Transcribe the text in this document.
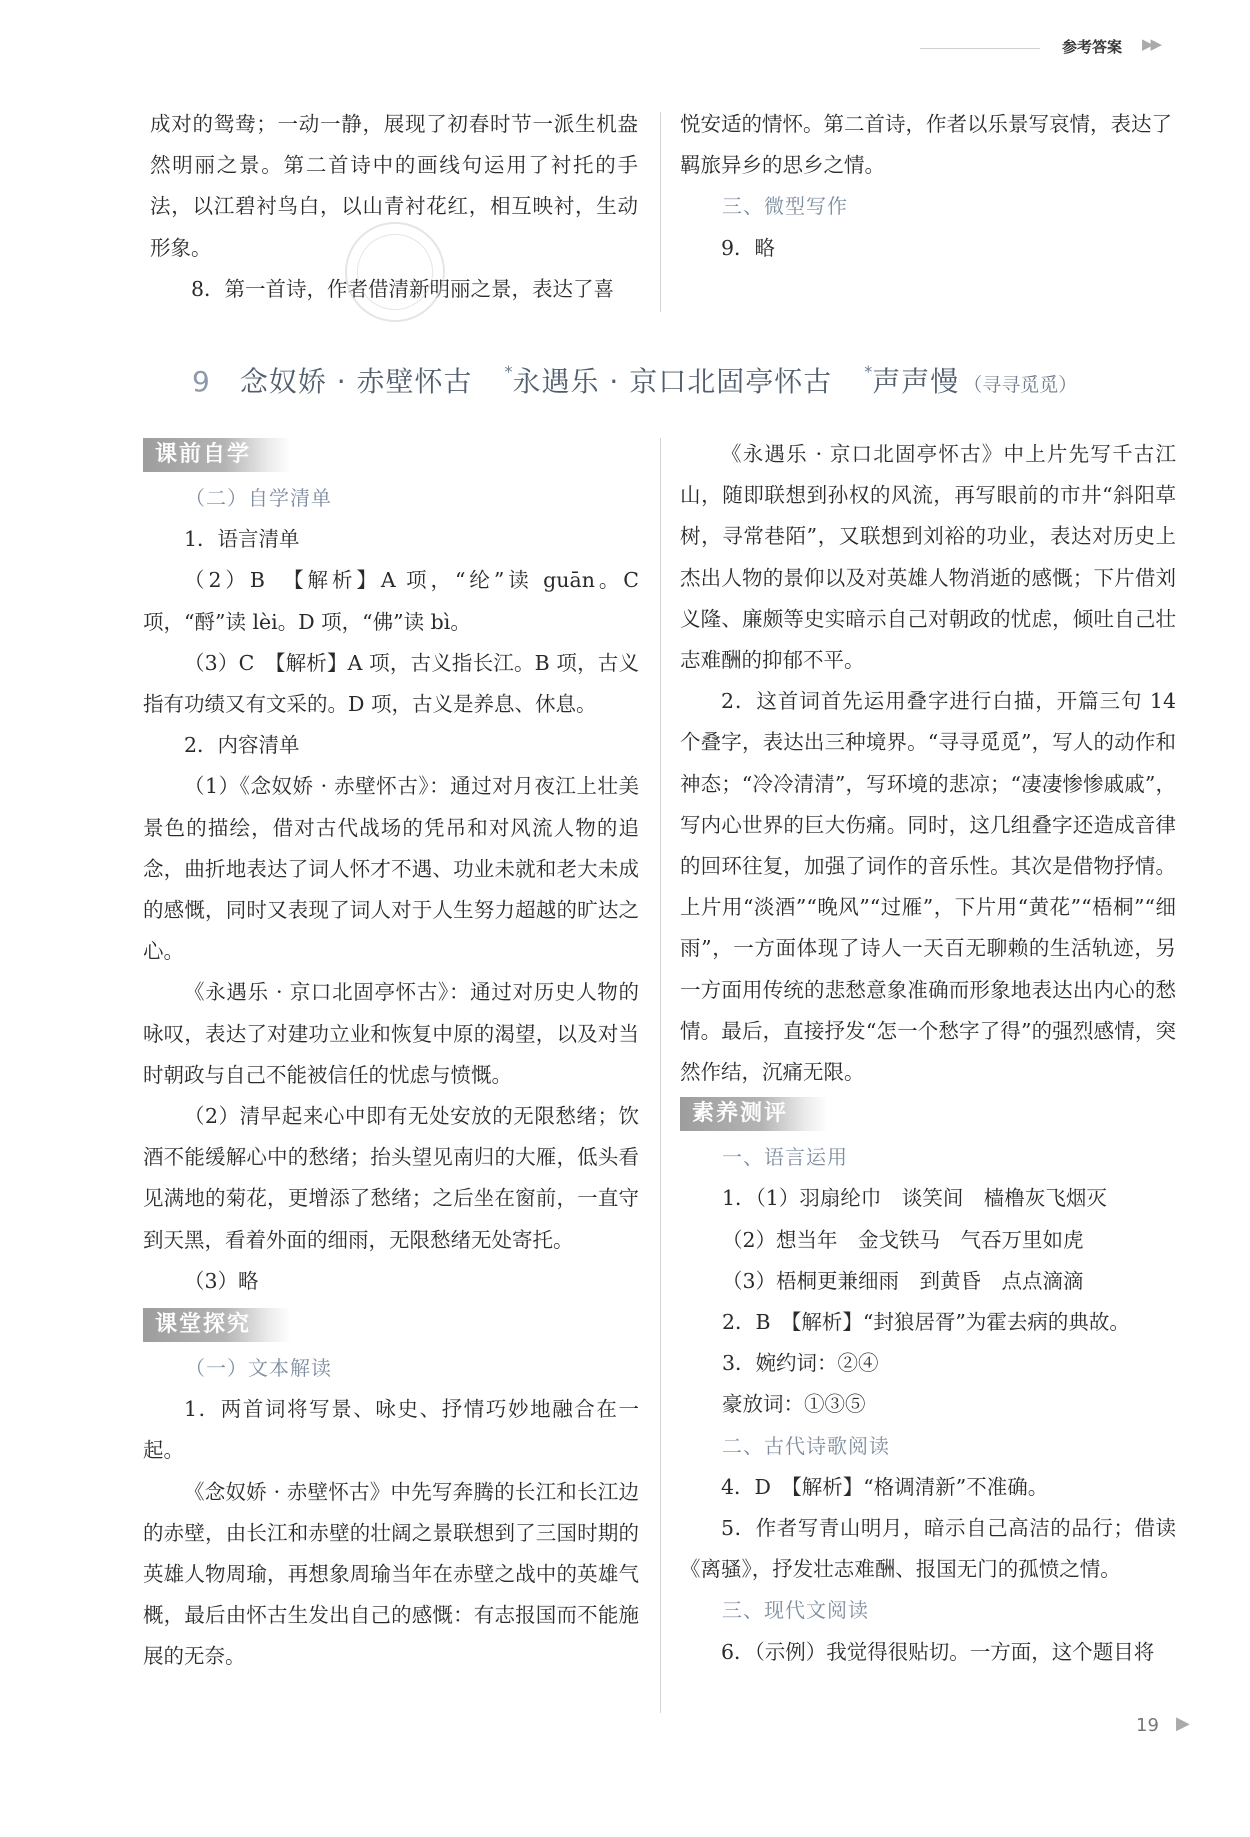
参考答案 ▶▶

成对的鸳鸯；一动一静，展现了初春时节一派生机盎然明丽之景。第二首诗中的画线句运用了衬托的手法，以江碧衬鸟白，以山青衬花红，相互映衬，生动形象。

8．第一首诗，作者借清新明丽之景，表达了喜

悦安适的情怀。第二首诗，作者以乐景写哀情，表达了羁旅异乡的思乡之情。

三、微型写作

9．略

9 念奴娇 · 赤壁怀古 *永遇乐 · 京口北固亭怀古 *声声慢 （寻寻觅觅）
课前自学

（二）自学清单

1．语言清单

（2）B　【解析】A 项，“纶”读 guān。C 项，“酹”读 lèi。D 项，“佛”读 bì。

（3）C　【解析】A 项，古义指长江。B 项，古义指有功绩又有文采的。D 项，古义是养息、休息。

2．内容清单

（1）《念奴娇 · 赤壁怀古》：通过对月夜江上壮美景色的描绘，借对古代战场的凭吊和对风流人物的追念，曲折地表达了词人怀才不遇、功业未就和老大未成的感慨，同时又表现了词人对于人生努力超越的旷达之心。

《永遇乐 · 京口北固亭怀古》：通过对历史人物的咏叹，表达了对建功立业和恢复中原的渴望，以及对当时朝政与自己不能被信任的忧虑与愤慨。

（2）清早起来心中即有无处安放的无限愁绪；饮酒不能缓解心中的愁绪；抬头望见南归的大雁，低头看见满地的菊花，更增添了愁绪；之后坐在窗前，一直守到天黑，看着外面的细雨，无限愁绪无处寄托。

（3）略

课堂探究

（一）文本解读

1．两首词将写景、咏史、抒情巧妙地融合在一起。

《念奴娇 · 赤壁怀古》中先写奔腾的长江和长江边的赤壁，由长江和赤壁的壮阔之景联想到了三国时期的英雄人物周瑜，再想象周瑜当年在赤壁之战中的英雄气概，最后由怀古生发出自己的感慨：有志报国而不能施展的无奈。

《永遇乐 · 京口北固亭怀古》中上片先写千古江山，随即联想到孙权的风流，再写眼前的市井“斜阳草树，寻常巷陌”，又联想到刘裕的功业，表达对历史上杰出人物的景仰以及对英雄人物消逝的感慨；下片借刘义隆、廉颇等史实暗示自己对朝政的忧虑，倾吐自己壮志难酬的抑郁不平。

2．这首词首先运用叠字进行白描，开篇三句 14 个叠字，表达出三种境界。“寻寻觅觅”，写人的动作和神态；“冷冷清清”，写环境的悲凉；“凄凄惨惨戚戚”，写内心世界的巨大伤痛。同时，这几组叠字还造成音律的回环往复，加强了词作的音乐性。其次是借物抒情。上片用“淡酒”“晚风”“过雁”，下片用“黄花”“梧桐”“细雨”，一方面体现了诗人一天百无聊赖的生活轨迹，另一方面用传统的悲愁意象准确而形象地表达出内心的愁情。最后，直接抒发“怎一个愁字了得”的强烈感情，突然作结，沉痛无限。

素养测评

一、语言运用

1．（1）羽扇纶巾　谈笑间　樯橹灰飞烟灭

（2）想当年　金戈铁马　气吞万里如虎

（3）梧桐更兼细雨　到黄昏　点点滴滴

2．B　【解析】“封狼居胥”为霍去病的典故。

3．婉约词：②④

豪放词：①③⑤

二、古代诗歌阅读

4．D　【解析】“格调清新”不准确。

5．作者写青山明月，暗示自己高洁的品行；借读《离骚》，抒发壮志难酬、报国无门的孤愤之情。

三、现代文阅读

6．（示例）我觉得很贴切。一方面，这个题目将

19 ▶
